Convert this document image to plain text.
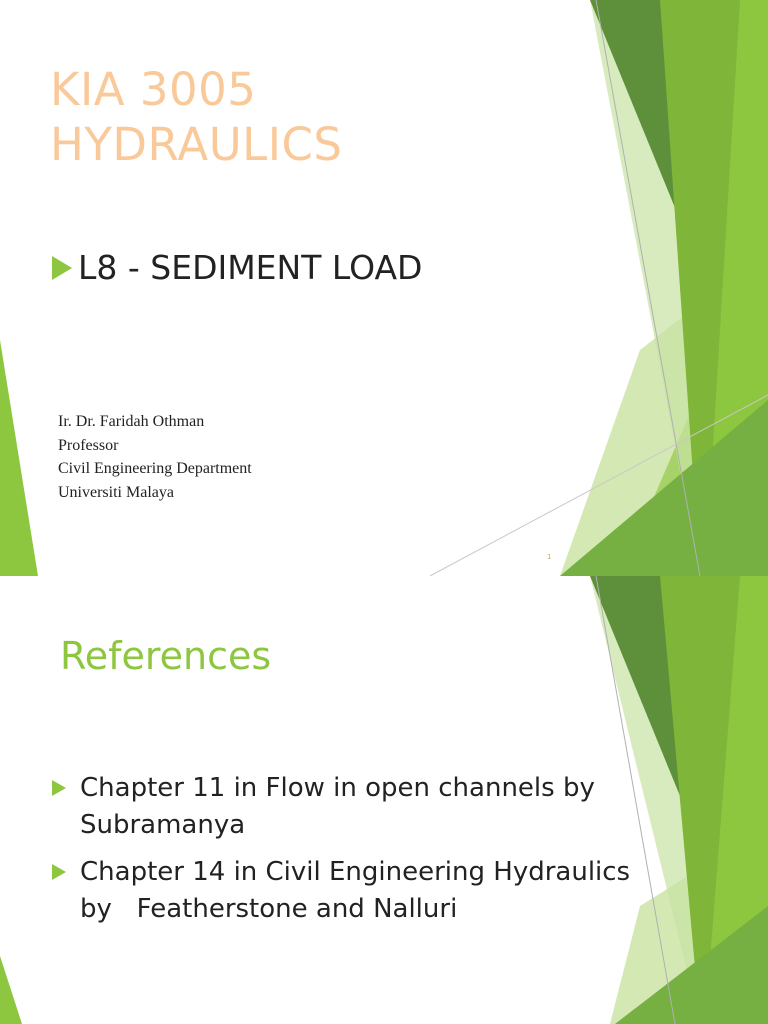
KIA 3005
HYDRAULICS
L8 - SEDIMENT LOAD
Ir. Dr. Faridah Othman
Professor
Civil Engineering Department
Universiti Malaya
1
References
Chapter 11 in Flow in open channels by Subramanya
Chapter 14 in Civil Engineering Hydraulics by   Featherstone and Nalluri
